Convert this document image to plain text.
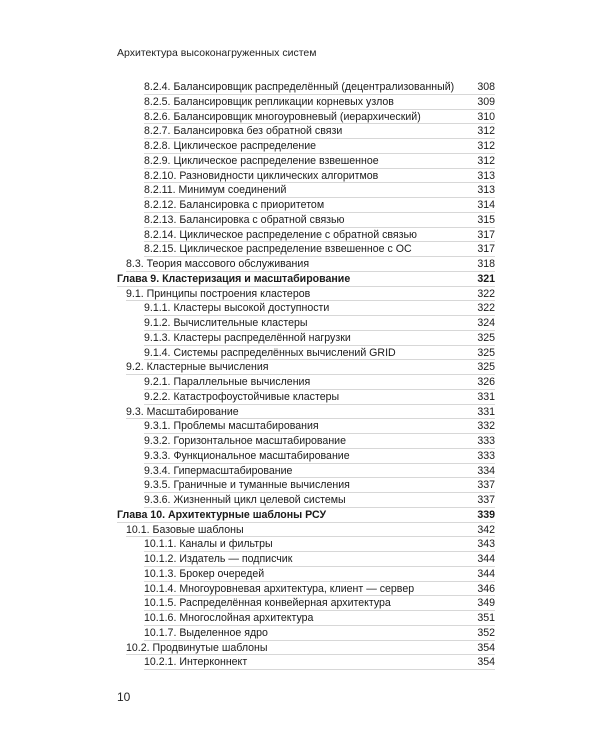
Архитектура высоконагруженных систем
8.2.4. Балансировщик распределённый (децентрализованный) 308
8.2.5. Балансировщик репликации корневых узлов	309
8.2.6. Балансировщик многоуровневый (иерархический)	310
8.2.7. Балансировка без обратной связи	312
8.2.8. Циклическое распределение	312
8.2.9. Циклическое распределение взвешенное	312
8.2.10. Разновидности циклических алгоритмов	313
8.2.11. Минимум соединений	313
8.2.12. Балансировка с приоритетом	314
8.2.13. Балансировка с обратной связью	315
8.2.14. Циклическое распределение с обратной связью	317
8.2.15. Циклическое распределение взвешенное с ОС	317
8.3. Теория массового обслуживания	318
Глава 9. Кластеризация и масштабирование	321
9.1. Принципы построения кластеров	322
9.1.1. Кластеры высокой доступности	322
9.1.2. Вычислительные кластеры	324
9.1.3. Кластеры распределённой нагрузки	325
9.1.4. Системы распределённых вычислений GRID	325
9.2. Кластерные вычисления	325
9.2.1. Параллельные вычисления	326
9.2.2. Катастрофоустойчивые кластеры	331
9.3. Масштабирование	331
9.3.1. Проблемы масштабирования	332
9.3.2. Горизонтальное масштабирование	333
9.3.3. Функциональное масштабирование	333
9.3.4. Гипермасштабирование	334
9.3.5. Граничные и туманные вычисления	337
9.3.6. Жизненный цикл целевой системы	337
Глава 10. Архитектурные шаблоны РСУ	339
10.1. Базовые шаблоны	342
10.1.1. Каналы и фильтры	343
10.1.2. Издатель — подписчик	344
10.1.3. Брокер очередей	344
10.1.4. Многоуровневая архитектура, клиент — сервер	346
10.1.5. Распределённая конвейерная архитектура	349
10.1.6. Многослойная архитектура	351
10.1.7. Выделенное ядро	352
10.2. Продвинутые шаблоны	354
10.2.1. Интерконнект	354
10
